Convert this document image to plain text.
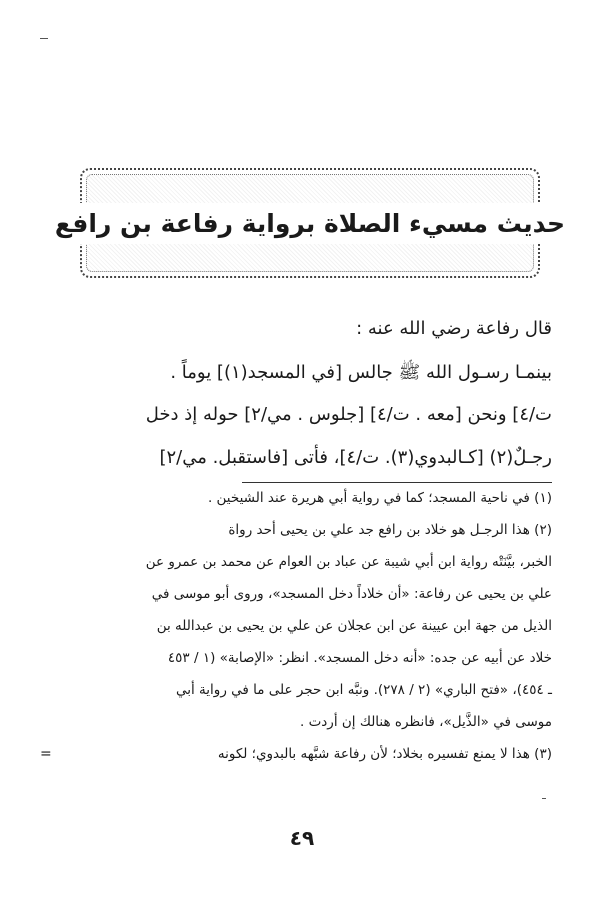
حديث مسيء الصلاة برواية رفاعة بن رافع
قال رفاعة رضي الله عنه :
بينمـا رسـول الله ﷺ جالس [في المسجد(١)] يوماً .
ت/٤] ونحن [معه . ت/٤] [جلوس . مي/٢] حوله إذ دخل
رجـلٌ(٢) [كـالبدوي(٣). ت/٤]، فأتى [فاستقبل. مي/٢]
(١) في ناحية المسجد؛ كما في رواية أبي هريرة عند الشيخين .
(٢) هذا الرجـل هو خلاد بن رافع جد علي بن يحيى أحد رواة
الخبر، بيَّنَتْه رواية ابن أبي شيبة عن عباد بن العوام عن محمد بن عمرو عن
علي بن يحيى عن رفاعة: «أن خلاداً دخل المسجد»، وروى أبو موسى في
الذيل من جهة ابن عيينة عن ابن عجلان عن علي بن يحيى بن عبدالله بن
خلاد عن أبيه عن جده: «أنه دخل المسجد». انظر: «الإصابة» (١ / ٤٥٣
ـ ٤٥٤)، «فتح الباري» (٢ / ٢٧٨). ونبَّه ابن حجر على ما في رواية أبي
موسى في «الذَّيل»، فانظره هنالك إن أردت .
(٣) هذا لا يمنع تفسيره بخلاد؛ لأن رفاعة شبَّهه بالبدوي؛ لكونه
=
٤٩
